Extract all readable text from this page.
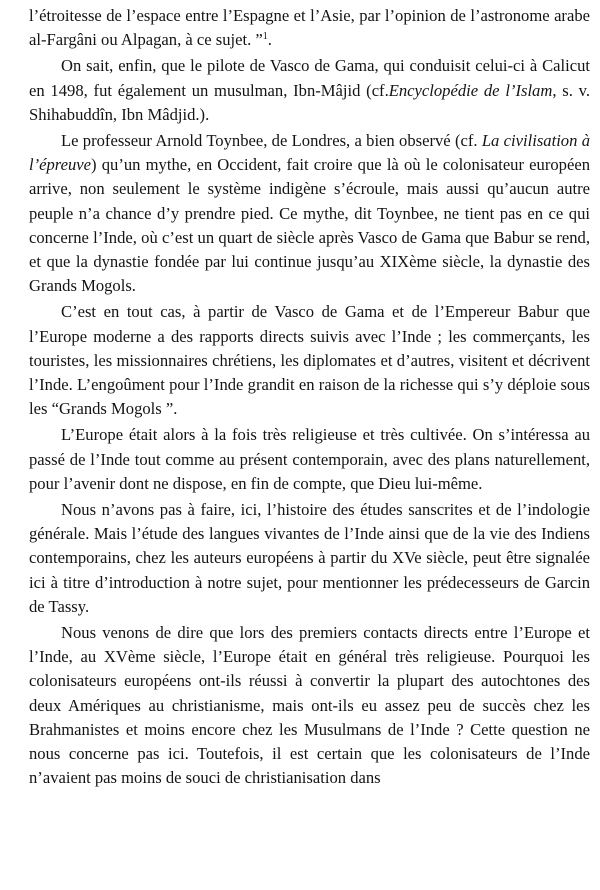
l’étroitesse de l’espace entre l’Espagne et l’Asie, par l’opinion de l’astronome arabe al-Fargâni ou Alpagan, à ce sujet. ”$^1$.

On sait, enfin, que le pilote de Vasco de Gama, qui conduisit celui-ci à Calicut en 1498, fut également un musulman, Ibn-Mâjid (cf.Encyclopédie de l’Islam, s. v. Shihabuddîn, Ibn Mâdjid.).

Le professeur Arnold Toynbee, de Londres, a bien observé (cf. La civilisation à l’épreuve) qu’un mythe, en Occident, fait croire que là où le colonisateur européen arrive, non seulement le système indigène s’écroule, mais aussi qu’aucun autre peuple n’a chance d’y prendre pied. Ce mythe, dit Toynbee, ne tient pas en ce qui concerne l’Inde, où c’est un quart de siècle après Vasco de Gama que Babur se rend, et que la dynastie fondée par lui continue jusqu’au XIXème siècle, la dynastie des Grands Mogols.

C’est en tout cas, à partir de Vasco de Gama et de l’Empereur Babur que l’Europe moderne a des rapports directs suivis avec l’Inde ; les commerçants, les touristes, les missionnaires chrétiens, les diplomates et d’autres, visitent et décrivent l’Inde. L’engoûment pour l’Inde grandit en raison de la richesse qui s’y déploie sous les “Grands Mogols ”.

L’Europe était alors à la fois très religieuse et très cultivée. On s’intéressa au passé de l’Inde tout comme au présent contemporain, avec des plans naturellement, pour l’avenir dont ne dispose, en fin de compte, que Dieu lui-même.

Nous n’avons pas à faire, ici, l’histoire des études sanscrites et de l’indologie générale. Mais l’étude des langues vivantes de l’Inde ainsi que de la vie des Indiens contemporains, chez les auteurs européens à partir du XVe siècle, peut être signalée ici à titre d’introduction à notre sujet, pour mentionner les prédecesseurs de Garcin de Tassy.

Nous venons de dire que lors des premiers contacts directs entre l’Europe et l’Inde, au XVème siècle, l’Europe était en général très religieuse. Pourquoi les colonisateurs européens ont-ils réussi à convertir la plupart des autochtones des deux Amériques au christianisme, mais ont-ils eu assez peu de succès chez les Brahmanistes et moins encore chez les Musulmans de l’Inde ? Cette question ne nous concerne pas ici. Toutefois, il est certain que les colonisateurs de l’Inde n’avaient pas moins de souci de christianisation dans
